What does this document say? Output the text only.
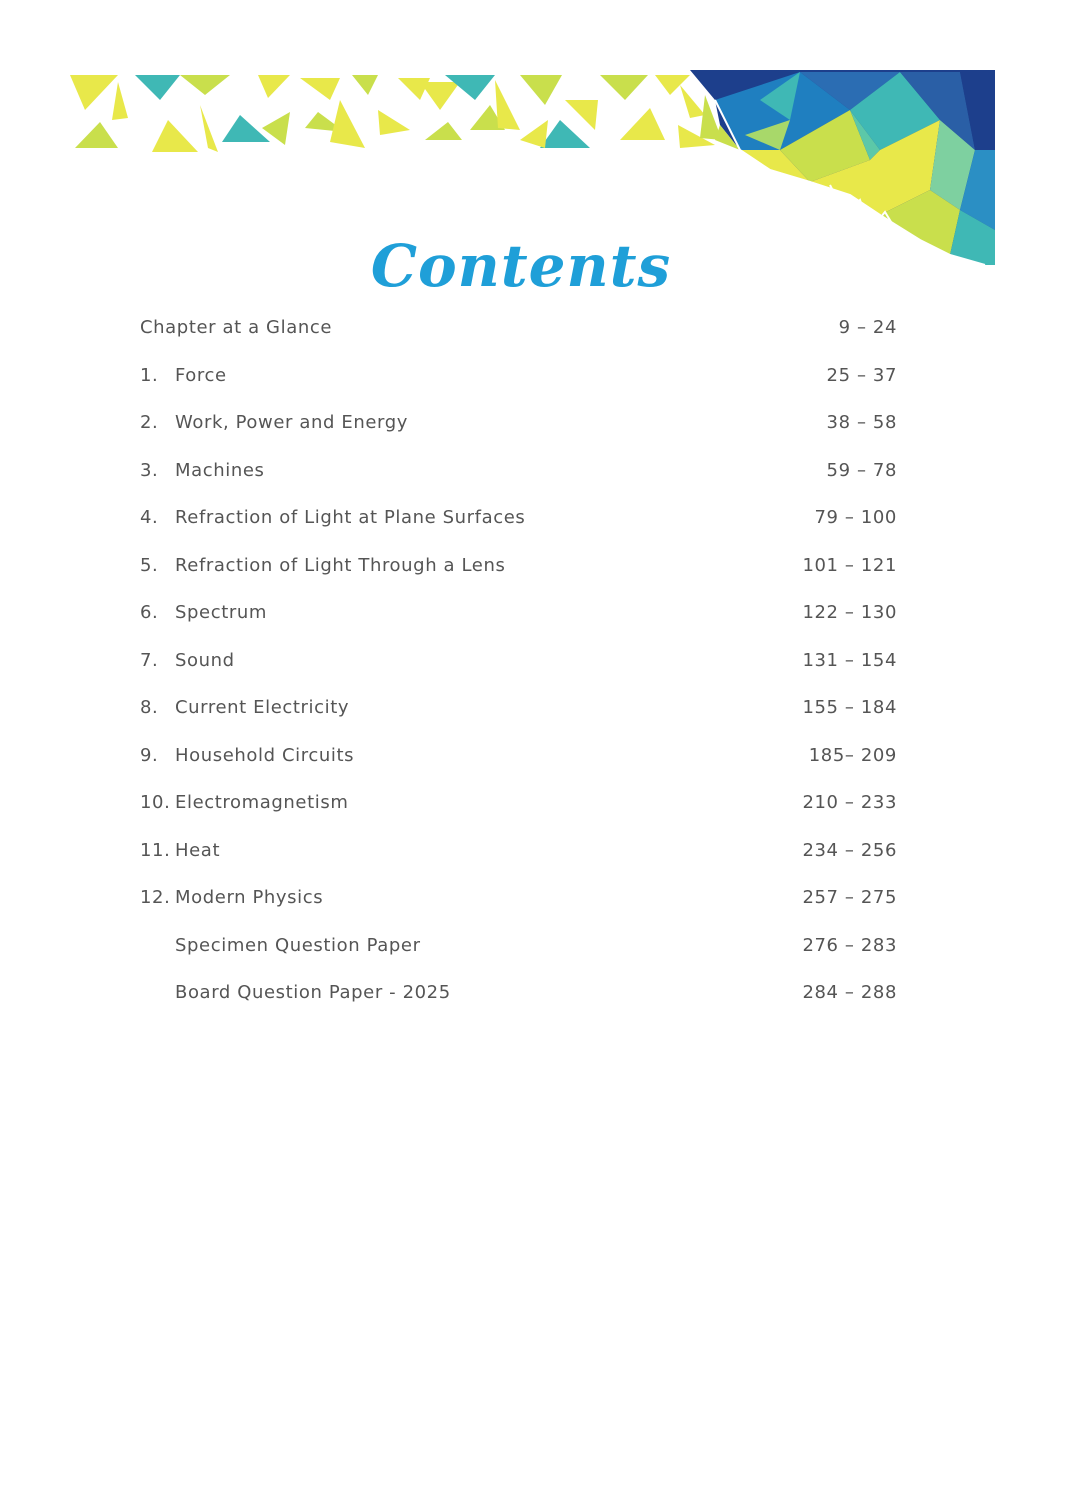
Contents
Chapter at a Glance	9 – 24
1. Force	25 – 37
2. Work, Power and Energy	38 – 58
3. Machines	59 – 78
4. Refraction of Light at Plane Surfaces	79 – 100
5. Refraction of Light Through a Lens	101 – 121
6. Spectrum	122 – 130
7. Sound	131 – 154
8. Current Electricity	155 – 184
9. Household Circuits	185– 209
10. Electromagnetism	210 – 233
11. Heat	234 – 256
12. Modern Physics	257 – 275
Specimen Question Paper	276 – 283
Board Question Paper - 2025	284 – 288
